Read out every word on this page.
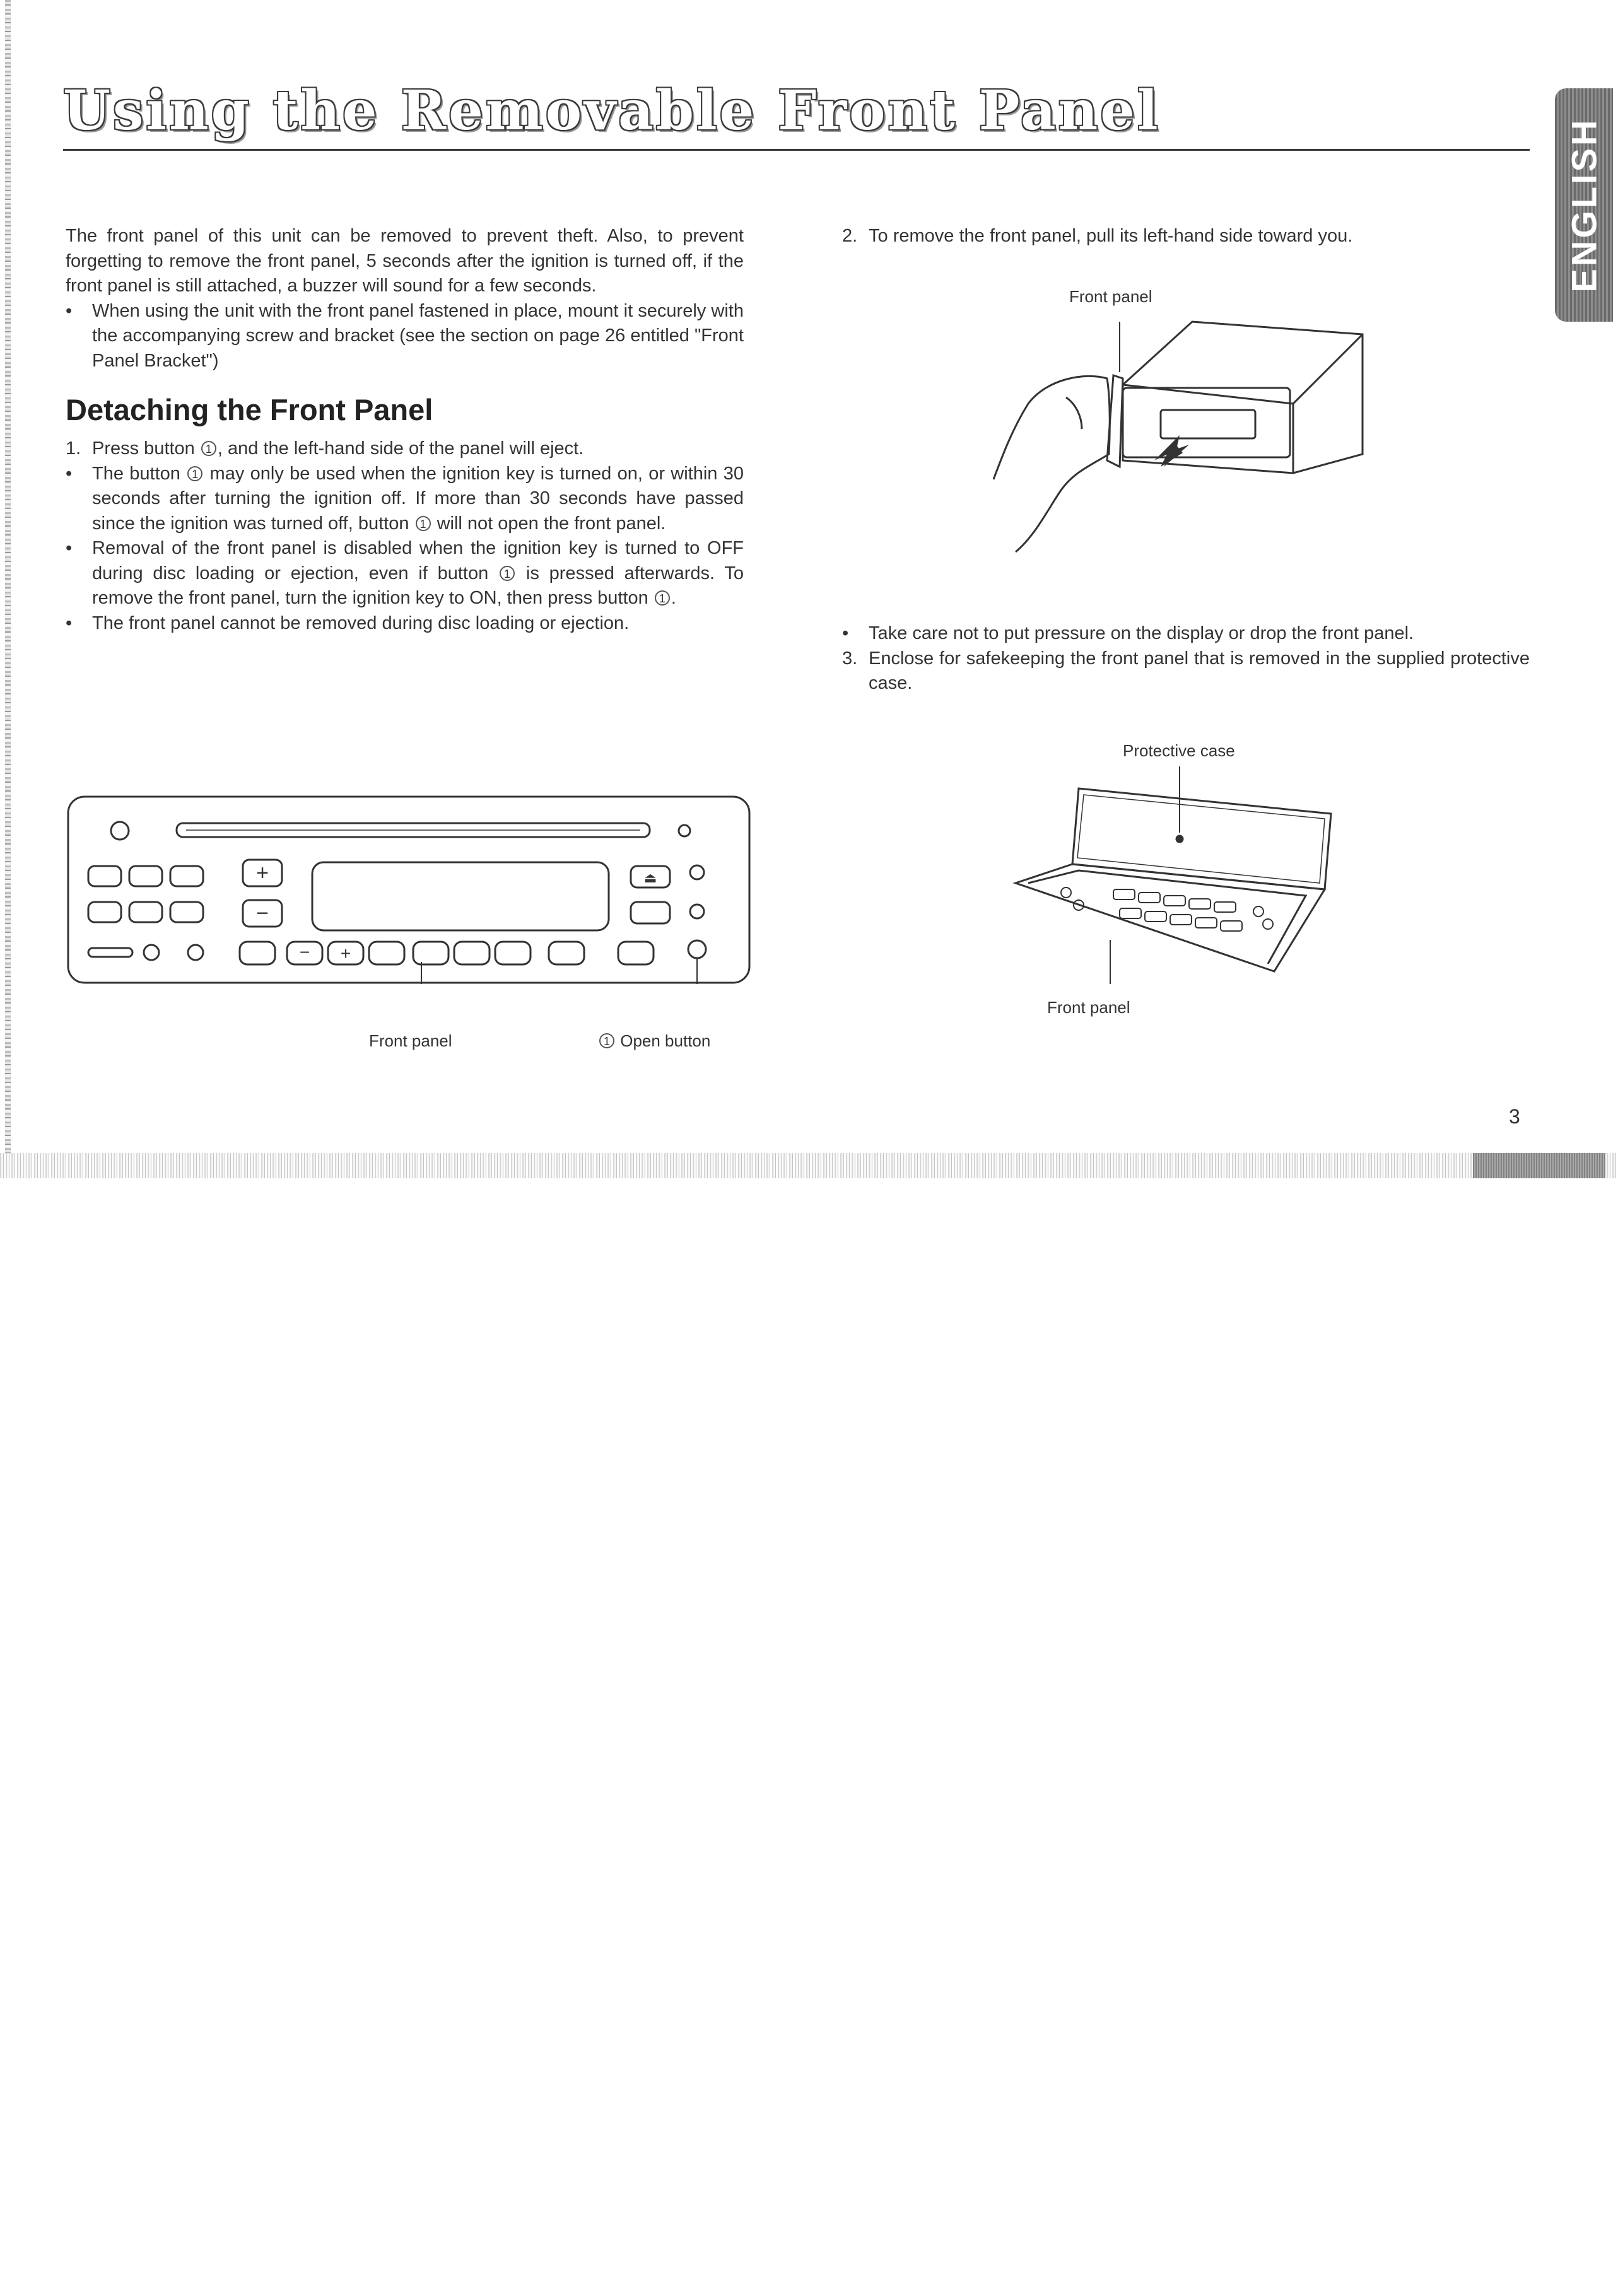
Using the Removable Front Panel
ENGLISH

The front panel of this unit can be removed to prevent theft. Also, to prevent forgetting to remove the front panel, 5 seconds after the ignition is turned off, if the front panel is still attached, a buzzer will sound for a few seconds.

• When using the unit with the front panel fastened in place, mount it securely with the accompanying screw and bracket (see the section on page 26 entitled "Front Panel Bracket")
Detaching the Front Panel
1. Press button 1 , and the left-hand side of the panel will eject.
• The button 1 may only be used when the ignition key is turned on, or within 30 seconds after turning the ignition off. If more than 30 seconds have passed since the ignition was turned off, button 1 will not open the front panel.
• Removal of the front panel is disabled when the ignition key is turned to OFF during disc loading or ejection, even if button 1 is pressed afterwards. To remove the front panel, turn the ignition key to ON, then press button 1 .
• The front panel cannot be removed during disc loading or ejection.
+
−
⏏
− +
Front panel	1 Open button
2. To remove the front panel, pull its left-hand side toward you.
Front panel
• Take care not to put pressure on the display or drop the front panel.
3. Enclose for safekeeping the front panel that is removed in the supplied protective case.
Protective case
Front panel
3
